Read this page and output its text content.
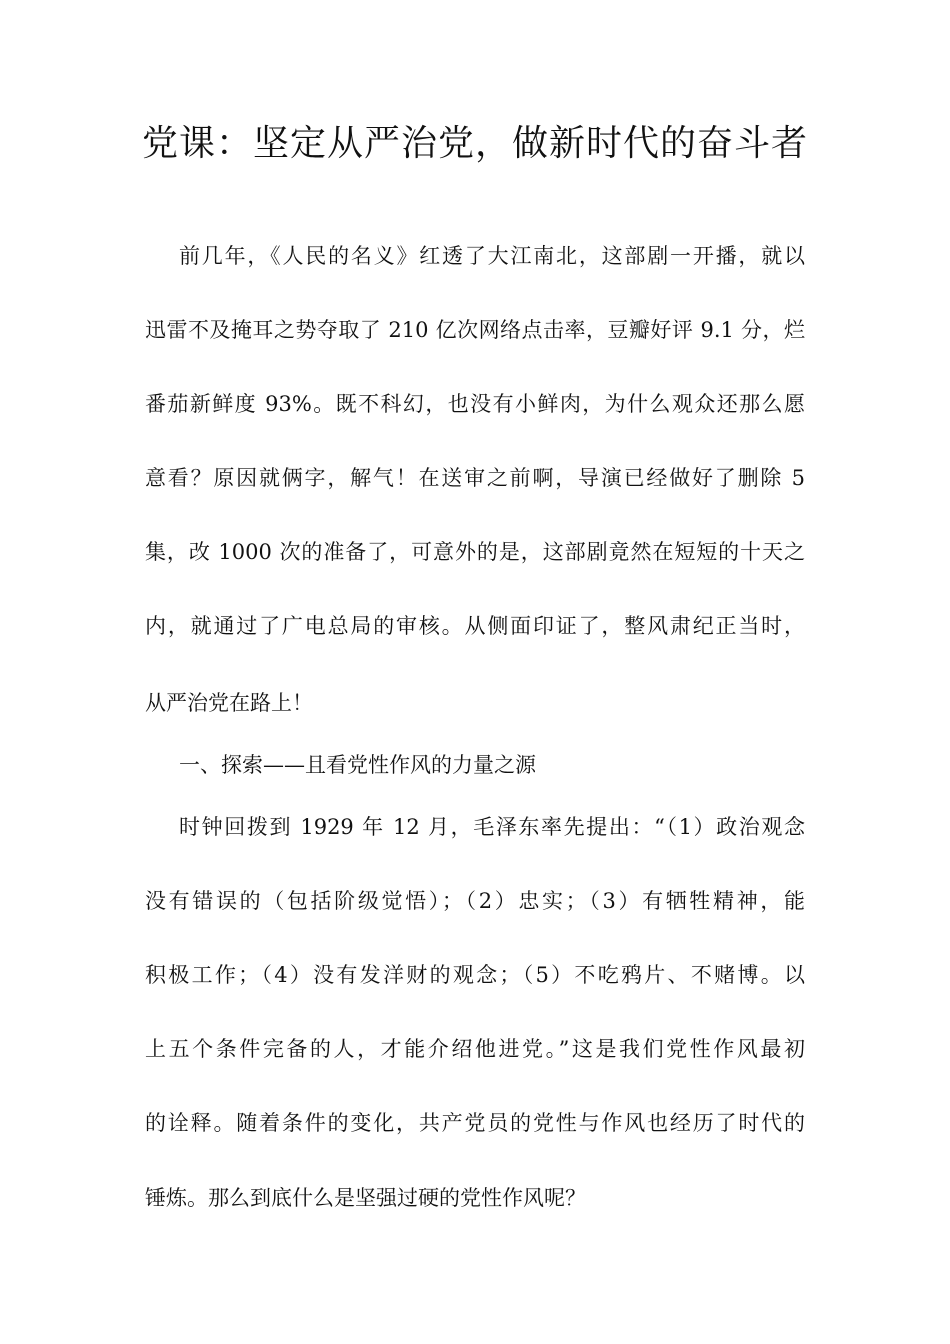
党课：坚定从严治党，做新时代的奋斗者
前几年，《人民的名义》红透了大江南北，这部剧一开播，就以
迅雷不及掩耳之势夺取了 210 亿次网络点击率，豆瓣好评 9.1 分，烂
番茄新鲜度 93%。既不科幻，也没有小鲜肉，为什么观众还那么愿
意看？原因就俩字，解气！在送审之前啊，导演已经做好了删除 5
集，改 1000 次的准备了，可意外的是，这部剧竟然在短短的十天之
内，就通过了广电总局的审核。从侧面印证了，整风肃纪正当时，
从严治党在路上！
一、探索——且看党性作风的力量之源
时钟回拨到 1929 年 12 月，毛泽东率先提出：“（1）政治观念
没有错误的（包括阶级觉悟）；（2）忠实；（3）有牺牲精神，能
积极工作；（4）没有发洋财的观念；（5）不吃鸦片、不赌博。以
上五个条件完备的人，才能介绍他进党。”这是我们党性作风最初
的诠释。随着条件的变化，共产党员的党性与作风也经历了时代的
锤炼。那么到底什么是坚强过硬的党性作风呢？
